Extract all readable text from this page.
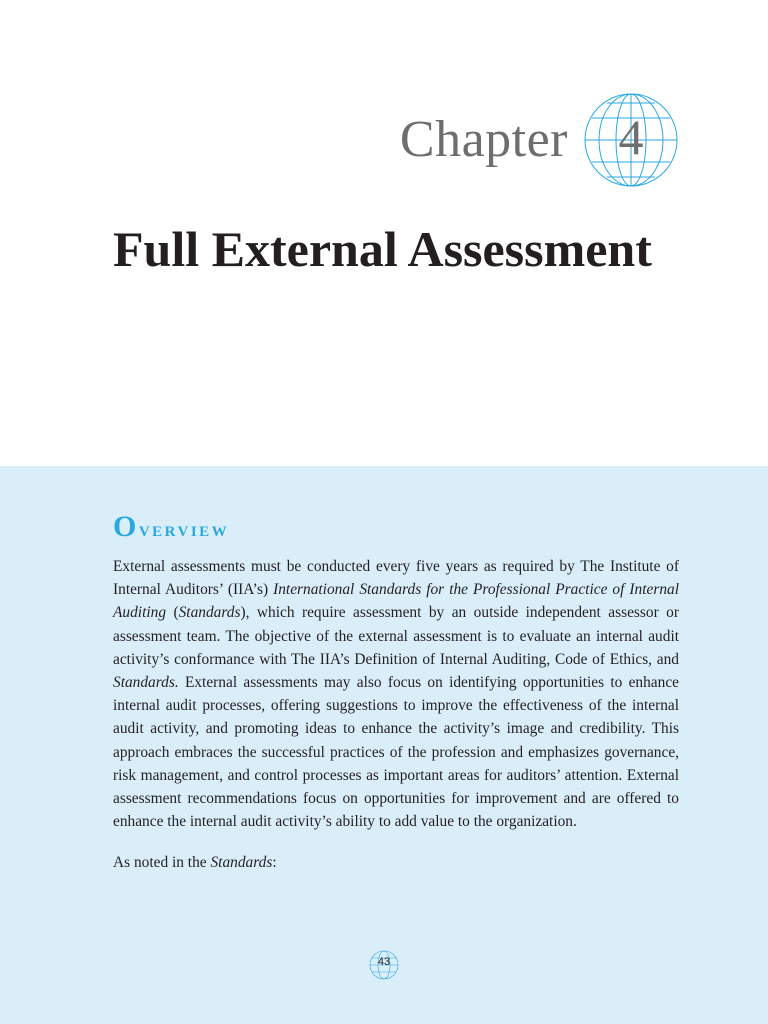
Chapter	4
Full External Assessment
Overview

External assessments must be conducted every five years as required by The Institute of Internal Auditors’ (IIA’s) International Standards for the Professional Practice of Internal Auditing (Standards), which require assessment by an outside independent assessor or assessment team. The objective of the external assessment is to evaluate an internal audit activity’s conformance with The IIA’s Definition of Internal Auditing, Code of Ethics, and Standards. External assessments may also focus on identifying opportunities to enhance internal audit processes, offering suggestions to improve the effectiveness of the internal audit activity, and promoting ideas to enhance the activity’s image and credibility. This approach embraces the successful practices of the profession and emphasizes governance, risk management, and control processes as important areas for auditors’ attention. External assessment recommendations focus on opportunities for improvement and are offered to enhance the internal audit activity’s ability to add value to the organization.

As noted in the Standards:

43
